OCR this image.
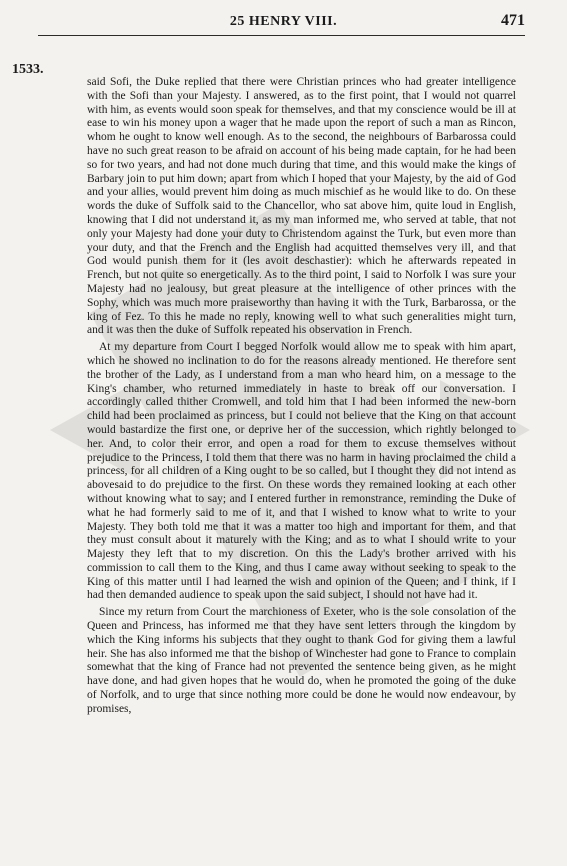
25 HENRY VIII.	471
1533.

said Sofi, the Duke replied that there were Christian princes who had greater intelligence with the Sofi than your Majesty. I answered, as to the first point, that I would not quarrel with him, as events would soon speak for themselves, and that my conscience would be ill at ease to win his money upon a wager that he made upon the report of such a man as Rincon, whom he ought to know well enough. As to the second, the neighbours of Barbarossa could have no such great reason to be afraid on account of his being made captain, for he had been so for two years, and had not done much during that time, and this would make the kings of Barbary join to put him down; apart from which I hoped that your Majesty, by the aid of God and your allies, would prevent him doing as much mischief as he would like to do. On these words the duke of Suffolk said to the Chancellor, who sat above him, quite loud in English, knowing that I did not understand it, as my man informed me, who served at table, that not only your Majesty had done your duty to Christendom against the Turk, but even more than your duty, and that the French and the English had acquitted themselves very ill, and that God would punish them for it (les avoit deschastier): which he afterwards repeated in French, but not quite so energetically. As to the third point, I said to Norfolk I was sure your Majesty had no jealousy, but great pleasure at the intelligence of other princes with the Sophy, which was much more praiseworthy than having it with the Turk, Barbarossa, or the king of Fez. To this he made no reply, knowing well to what such generalities might turn, and it was then the duke of Suffolk repeated his observation in French.

At my departure from Court I begged Norfolk would allow me to speak with him apart, which he showed no inclination to do for the reasons already mentioned. He therefore sent the brother of the Lady, as I understand from a man who heard him, on a message to the King's chamber, who returned immediately in haste to break off our conversation. I accordingly called thither Cromwell, and told him that I had been informed the new-born child had been proclaimed as princess, but I could not believe that the King on that account would bastardize the first one, or deprive her of the succession, which rightly belonged to her. And, to color their error, and open a road for them to excuse themselves without prejudice to the Princess, I told them that there was no harm in having proclaimed the child a princess, for all children of a King ought to be so called, but I thought they did not intend as abovesaid to do prejudice to the first. On these words they remained looking at each other without knowing what to say; and I entered further in remonstrance, reminding the Duke of what he had formerly said to me of it, and that I wished to know what to write to your Majesty. They both told me that it was a matter too high and important for them, and that they must consult about it maturely with the King; and as to what I should write to your Majesty they left that to my discretion. On this the Lady's brother arrived with his commission to call them to the King, and thus I came away without seeking to speak to the King of this matter until I had learned the wish and opinion of the Queen; and I think, if I had then demanded audience to speak upon the said subject, I should not have had it.

Since my return from Court the marchioness of Exeter, who is the sole consolation of the Queen and Princess, has informed me that they have sent letters through the kingdom by which the King informs his subjects that they ought to thank God for giving them a lawful heir. She has also informed me that the bishop of Winchester had gone to France to complain somewhat that the king of France had not prevented the sentence being given, as he might have done, and had given hopes that he would do, when he promoted the going of the duke of Norfolk, and to urge that since nothing more could be done he would now endeavour, by promises,
